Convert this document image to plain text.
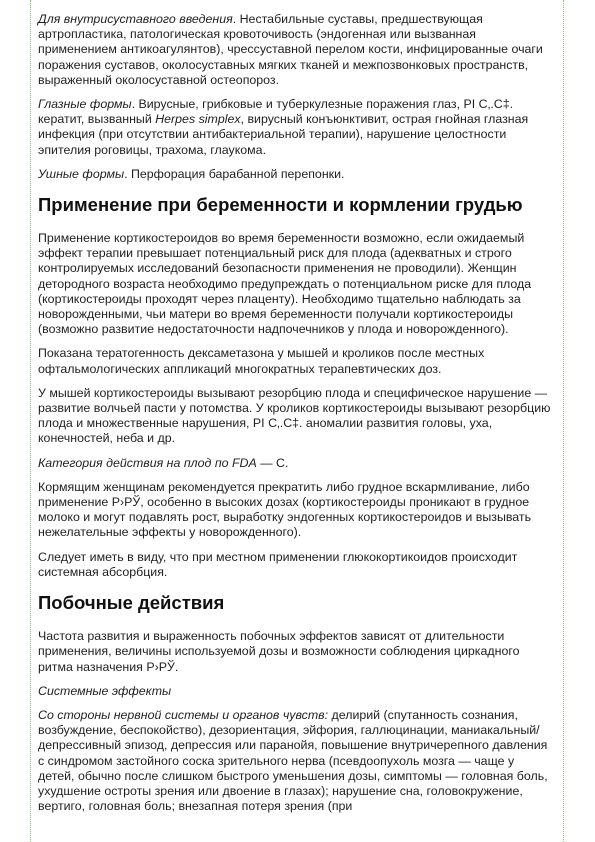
Для внутрисуставного введения. Нестабильные суставы, предшествующая артропластика, патологическая кровоточивость (эндогенная или вызванная применением антикоагулянтов), чрессуставной перелом кости, инфицированные очаги поражения суставов, околосуставных мягких тканей и межпозвонковых пространств, выраженный околосуставной остеопороз.

Глазные формы. Вирусные, грибковые и туберкулезные поражения глаз, РІ С‚.С‡. кератит, вызванный Herpes simplex, вирусный конъюнктивит, острая гнойная глазная инфекция (при отсутствии антибактериальной терапии), нарушение целостности эпителия роговицы, трахома, глаукома.

Ушные формы. Перфорация барабанной перепонки.

Применение при беременности и кормлении грудью

Применение кортикостероидов во время беременности возможно, если ожидаемый эффект терапии превышает потенциальный риск для плода (адекватных и строго контролируемых исследований безопасности применения не проводили). Женщин детородного возраста необходимо предупреждать о потенциальном риске для плода (кортикостероиды проходят через плаценту). Необходимо тщательно наблюдать за новорожденными, чьи матери во время беременности получали кортикостероиды (возможно развитие недостаточности надпочечников у плода и новорожденного).

Показана тератогенность дексаметазона у мышей и кроликов после местных офтальмологических аппликаций многократных терапевтических доз.

У мышей кортикостероиды вызывают резорбцию плода и специфическое нарушение — развитие волчьей пасти у потомства. У кроликов кортикостероиды вызывают резорбцию плода и множественные нарушения, РІ С‚.С‡. аномалии развития головы, уха, конечностей, неба и др.

Категория действия на плод по FDA — C.

Кормящим женщинам рекомендуется прекратить либо грудное вскармливание, либо применение Р›РЎ, особенно в высоких дозах (кортикостероиды проникают в грудное молоко и могут подавлять рост, выработку эндогенных кортикостероидов и вызывать нежелательные эффекты у новорожденного).

Следует иметь в виду, что при местном применении глюкокортикоидов происходит системная абсорбция.

Побочные действия

Частота развития и выраженность побочных эффектов зависят от длительности применения, величины используемой дозы и возможности соблюдения циркадного ритма назначения Р›РЎ.

Системные эффекты

Со стороны нервной системы и органов чувств: делирий (спутанность сознания, возбуждение, беспокойство), дезориентация, эйфория, галлюцинации, маниакальный/депрессивный эпизод, депрессия или паранойя, повышение внутричерепного давления с синдромом застойного соска зрительного нерва (псевдоопухоль мозга — чаще у детей, обычно после слишком быстрого уменьшения дозы, симптомы — головная боль, ухудшение остроты зрения или двоение в глазах); нарушение сна, головокружение, вертиго, головная боль; внезапная потеря зрения (при
